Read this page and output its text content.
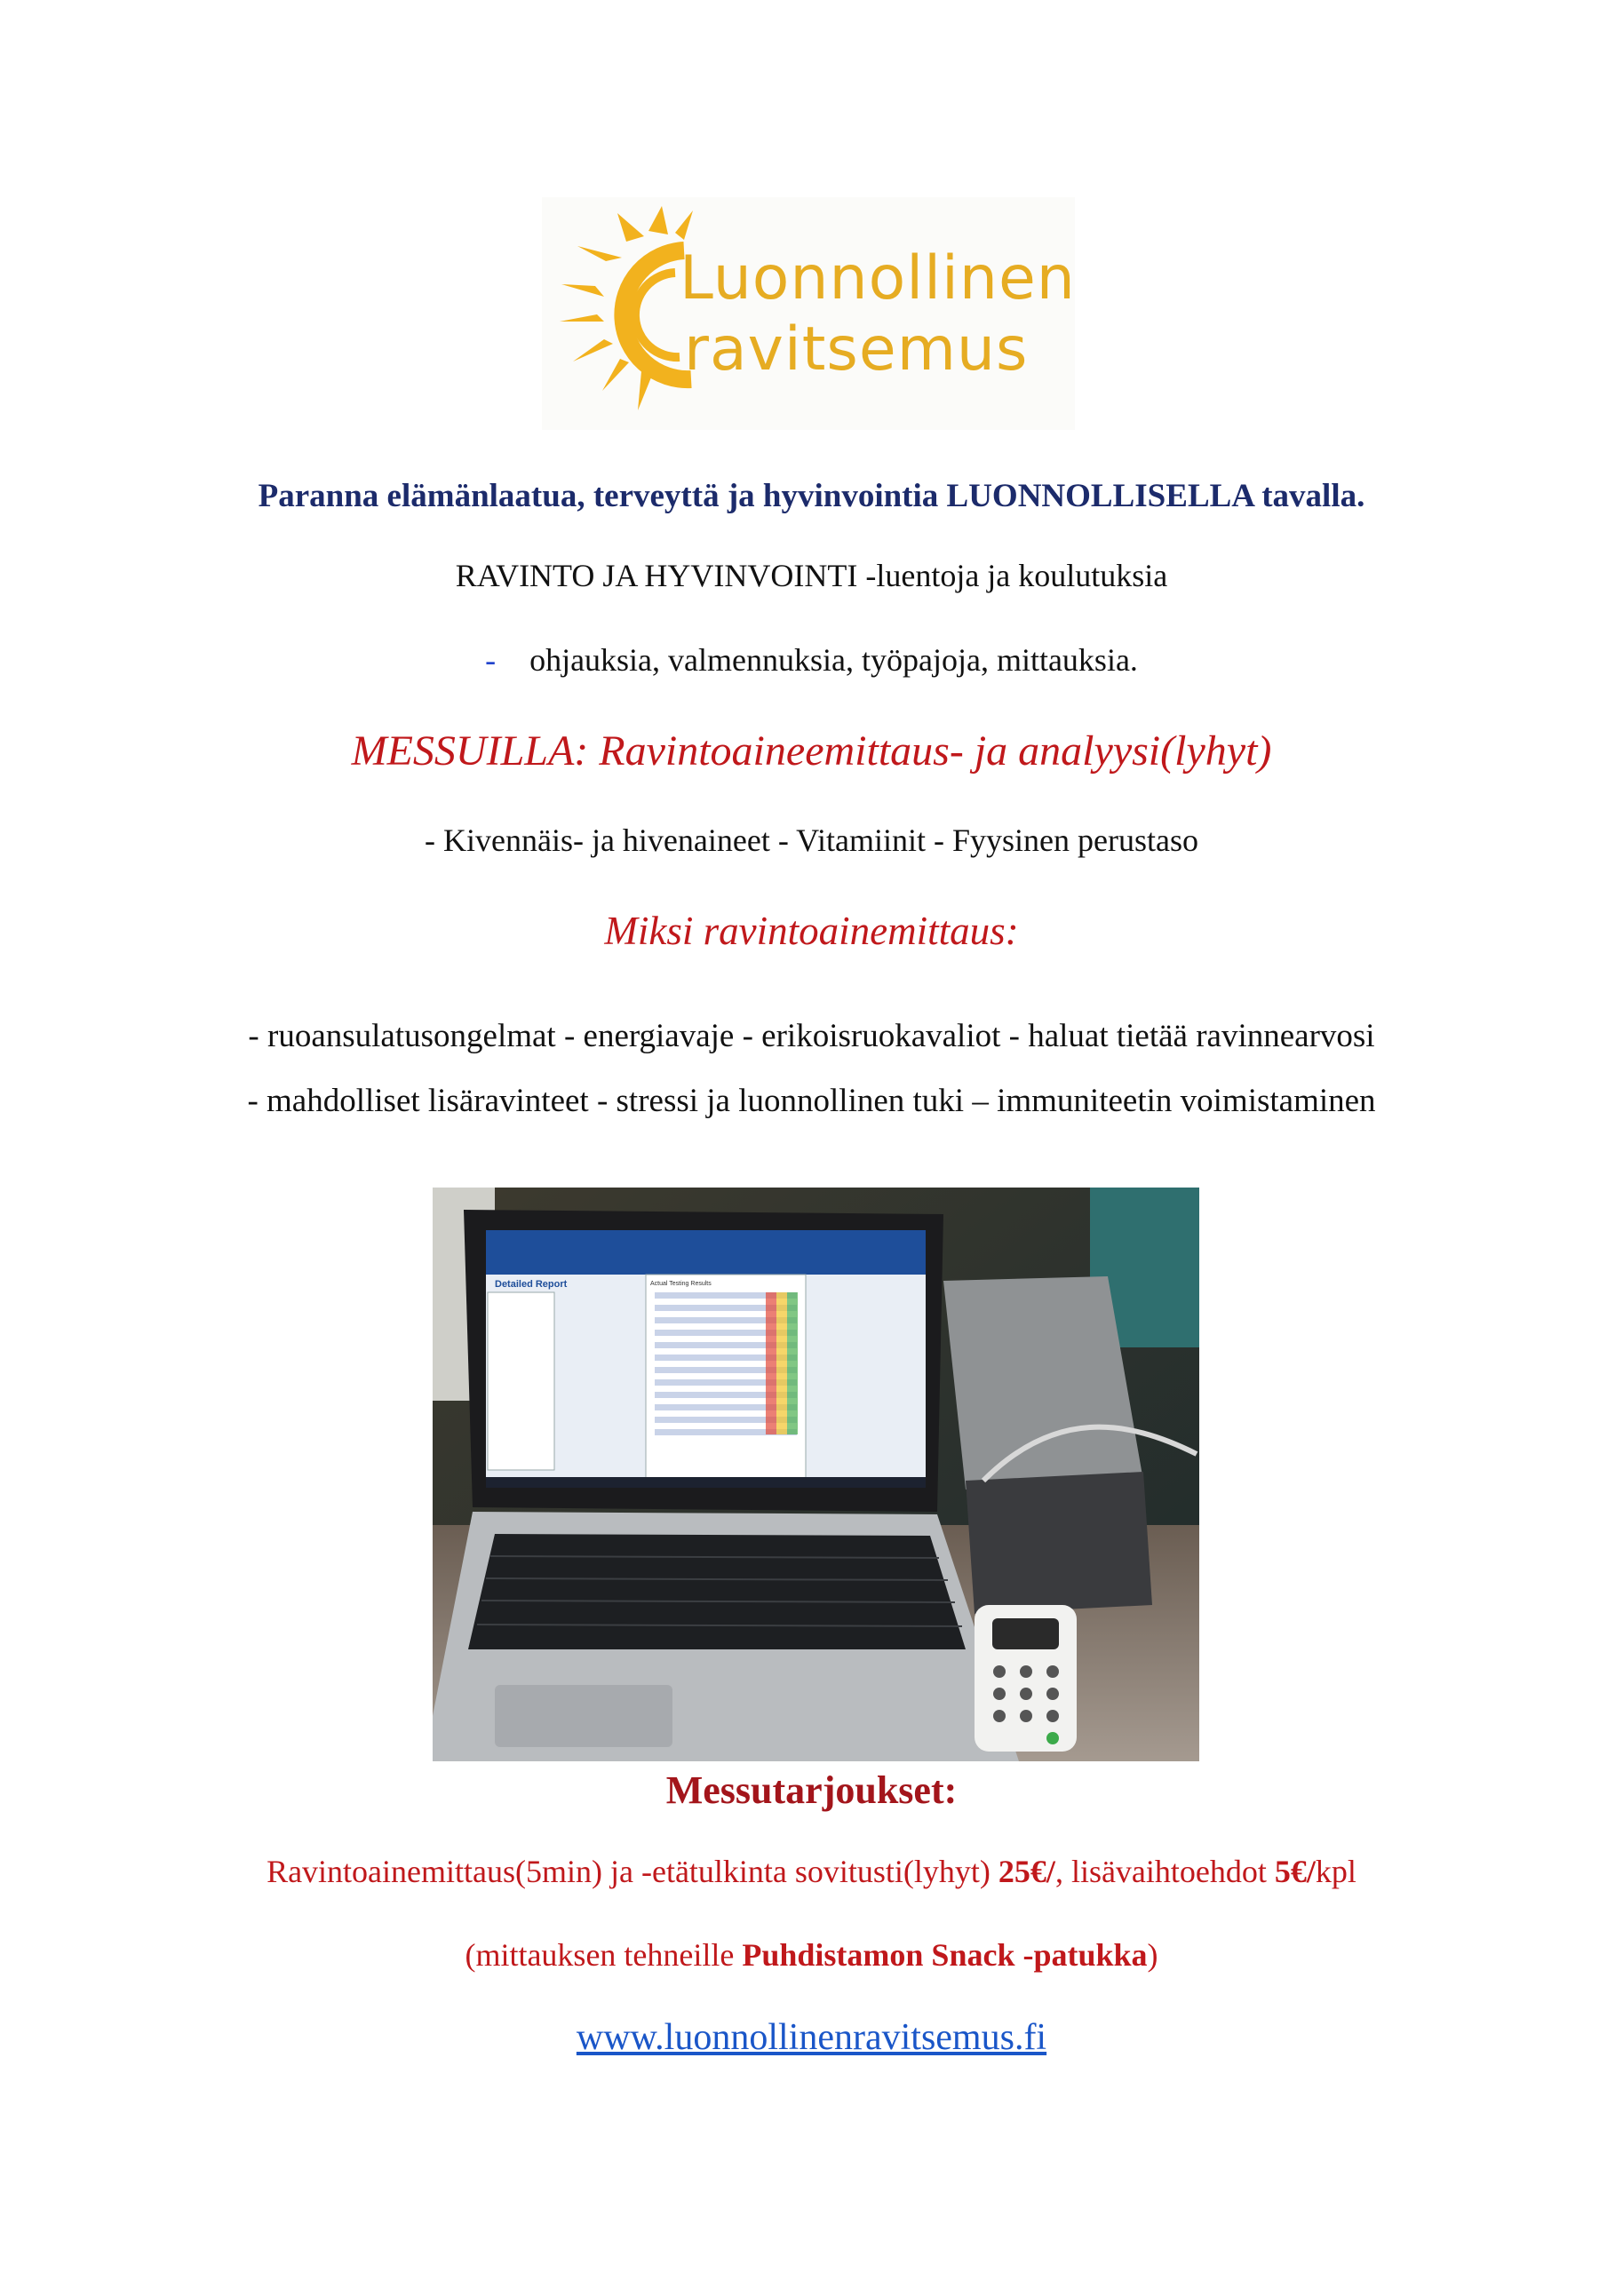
Luonnollinen
ravitsemus
Paranna elämänlaatua, terveyttä ja hyvinvointia LUONNOLLISELLA tavalla.
RAVINTO JA HYVINVOINTI -luentoja ja koulutuksia
- ohjauksia, valmennuksia, työpajoja, mittauksia.
MESSUILLA: Ravintoaineemittaus- ja analyysi(lyhyt)
- Kivennäis- ja hivenaineet - Vitamiinit - Fyysinen perustaso
Miksi ravintoainemittaus:
- ruoansulatusongelmat - energiavaje - erikoisruokavaliot - haluat tietää ravinnearvosi
- mahdolliset lisäravinteet - stressi ja luonnollinen tuki – immuniteetin voimistaminen
Detailed Report	Actual Testing Results
Messutarjoukset:
Ravintoainemittaus(5min) ja -etätulkinta sovitusti(lyhyt) 25€/, lisävaihtoehdot 5€/kpl
(mittauksen tehneille Puhdistamon Snack -patukka)
www.luonnollinenravitsemus.fi
